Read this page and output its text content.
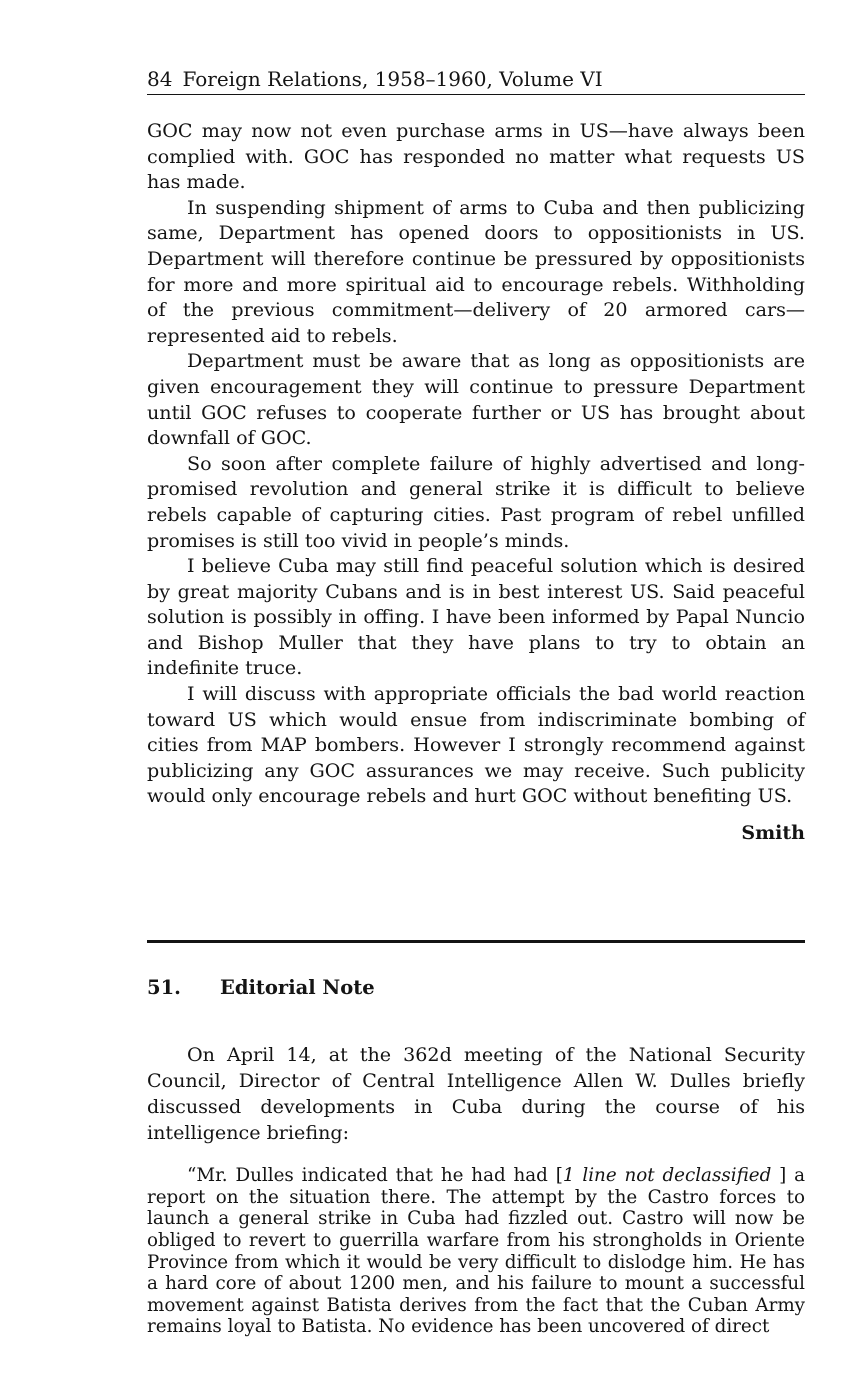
84 Foreign Relations, 1958–1960, Volume VI

GOC may now not even purchase arms in US—have always been complied with. GOC has responded no matter what requests US has made.

In suspending shipment of arms to Cuba and then publicizing same, Department has opened doors to oppositionists in US. Department will therefore continue be pressured by oppositionists for more and more spiritual aid to encourage rebels. Withholding of the previous commitment—delivery of 20 armored cars—represented aid to rebels.

Department must be aware that as long as oppositionists are given encouragement they will continue to pressure Department until GOC refuses to cooperate further or US has brought about downfall of GOC.

So soon after complete failure of highly advertised and long-promised revolution and general strike it is difficult to believe rebels capable of capturing cities. Past program of rebel unfilled promises is still too vivid in people’s minds.

I believe Cuba may still find peaceful solution which is desired by great majority Cubans and is in best interest US. Said peaceful solution is possibly in offing. I have been informed by Papal Nuncio and Bishop Muller that they have plans to try to obtain an indefinite truce.

I will discuss with appropriate officials the bad world reaction toward US which would ensue from indiscriminate bombing of cities from MAP bombers. However I strongly recommend against publicizing any GOC assurances we may receive. Such publicity would only encourage rebels and hurt GOC without benefiting US.

Smith
51. Editorial Note

On April 14, at the 362d meeting of the National Security Council, Director of Central Intelligence Allen W. Dulles briefly discussed developments in Cuba during the course of his intelligence briefing:

“Mr. Dulles indicated that he had had [1 line not declassified ] a report on the situation there. The attempt by the Castro forces to launch a general strike in Cuba had fizzled out. Castro will now be obliged to revert to guerrilla warfare from his strongholds in Oriente Province from which it would be very difficult to dislodge him. He has a hard core of about 1200 men, and his failure to mount a successful movement against Batista derives from the fact that the Cuban Army remains loyal to Batista. No evidence has been uncovered of direct
